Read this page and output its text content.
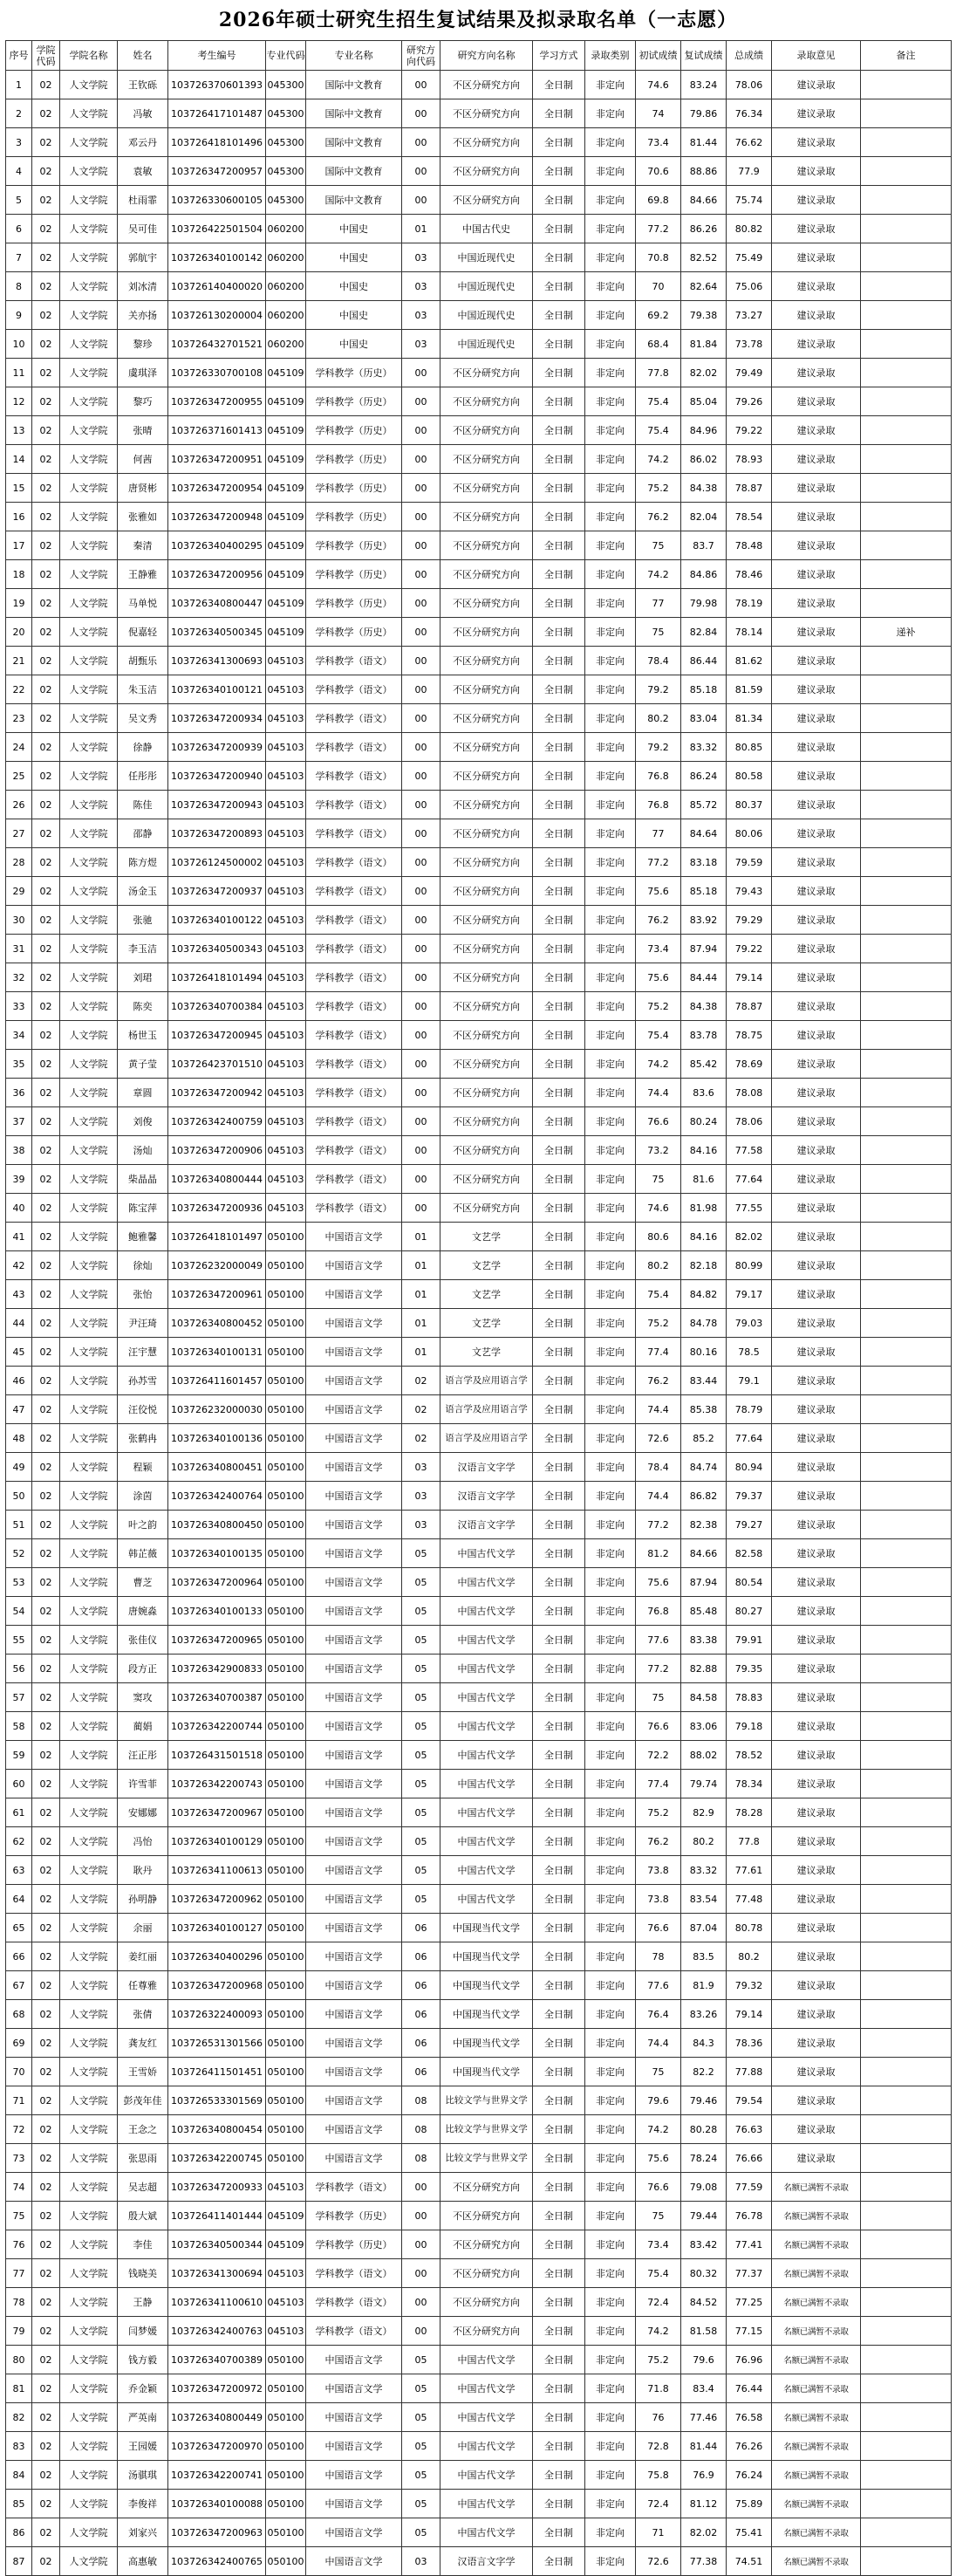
2026年硕士研究生招生复试结果及拟录取名单（一志愿）
序号	学院代码	学院名称	姓名	考生编号	专业代码	专业名称	研究方向代码	研究方向名称	学习方式	录取类别	初试成绩	复试成绩	总成绩	录取意见	备注
1	02	人文学院	王钦砾	103726370601393	045300	国际中文教育	00	不区分研究方向	全日制	非定向	74.6	83.24	78.06	建议录取	
2	02	人文学院	冯敏	103726417101487	045300	国际中文教育	00	不区分研究方向	全日制	非定向	74	79.86	76.34	建议录取	
3	02	人文学院	邓云丹	103726418101496	045300	国际中文教育	00	不区分研究方向	全日制	非定向	73.4	81.44	76.62	建议录取	
4	02	人文学院	袁敏	103726347200957	045300	国际中文教育	00	不区分研究方向	全日制	非定向	70.6	88.86	77.9	建议录取	
5	02	人文学院	杜雨霏	103726330600105	045300	国际中文教育	00	不区分研究方向	全日制	非定向	69.8	84.66	75.74	建议录取	
6	02	人文学院	吴可佳	103726422501504	060200	中国史	01	中国古代史	全日制	非定向	77.2	86.26	80.82	建议录取	
7	02	人文学院	郭航宇	103726340100142	060200	中国史	03	中国近现代史	全日制	非定向	70.8	82.52	75.49	建议录取	
8	02	人文学院	刘冰清	103726140400020	060200	中国史	03	中国近现代史	全日制	非定向	70	82.64	75.06	建议录取	
9	02	人文学院	关亦扬	103726130200004	060200	中国史	03	中国近现代史	全日制	非定向	69.2	79.38	73.27	建议录取	
10	02	人文学院	黎珍	103726432701521	060200	中国史	03	中国近现代史	全日制	非定向	68.4	81.84	73.78	建议录取	
11	02	人文学院	虞琪泽	103726330700108	045109	学科教学（历史）	00	不区分研究方向	全日制	非定向	77.8	82.02	79.49	建议录取	
12	02	人文学院	黎巧	103726347200955	045109	学科教学（历史）	00	不区分研究方向	全日制	非定向	75.4	85.04	79.26	建议录取	
13	02	人文学院	张晴	103726371601413	045109	学科教学（历史）	00	不区分研究方向	全日制	非定向	75.4	84.96	79.22	建议录取	
14	02	人文学院	何茜	103726347200951	045109	学科教学（历史）	00	不区分研究方向	全日制	非定向	74.2	86.02	78.93	建议录取	
15	02	人文学院	唐贤彬	103726347200954	045109	学科教学（历史）	00	不区分研究方向	全日制	非定向	75.2	84.38	78.87	建议录取	
16	02	人文学院	张雅如	103726347200948	045109	学科教学（历史）	00	不区分研究方向	全日制	非定向	76.2	82.04	78.54	建议录取	
17	02	人文学院	秦清	103726340400295	045109	学科教学（历史）	00	不区分研究方向	全日制	非定向	75	83.7	78.48	建议录取	
18	02	人文学院	王静雅	103726347200956	045109	学科教学（历史）	00	不区分研究方向	全日制	非定向	74.2	84.86	78.46	建议录取	
19	02	人文学院	马单悦	103726340800447	045109	学科教学（历史）	00	不区分研究方向	全日制	非定向	77	79.98	78.19	建议录取	
20	02	人文学院	倪嘉轻	103726340500345	045109	学科教学（历史）	00	不区分研究方向	全日制	非定向	75	82.84	78.14	建议录取	递补
21	02	人文学院	胡甄乐	103726341300693	045103	学科教学（语文）	00	不区分研究方向	全日制	非定向	78.4	86.44	81.62	建议录取	
22	02	人文学院	朱玉洁	103726340100121	045103	学科教学（语文）	00	不区分研究方向	全日制	非定向	79.2	85.18	81.59	建议录取	
23	02	人文学院	吴文秀	103726347200934	045103	学科教学（语文）	00	不区分研究方向	全日制	非定向	80.2	83.04	81.34	建议录取	
24	02	人文学院	徐静	103726347200939	045103	学科教学（语文）	00	不区分研究方向	全日制	非定向	79.2	83.32	80.85	建议录取	
25	02	人文学院	任彤彤	103726347200940	045103	学科教学（语文）	00	不区分研究方向	全日制	非定向	76.8	86.24	80.58	建议录取	
26	02	人文学院	陈佳	103726347200943	045103	学科教学（语文）	00	不区分研究方向	全日制	非定向	76.8	85.72	80.37	建议录取	
27	02	人文学院	邵静	103726347200893	045103	学科教学（语文）	00	不区分研究方向	全日制	非定向	77	84.64	80.06	建议录取	
28	02	人文学院	陈方煜	103726124500002	045103	学科教学（语文）	00	不区分研究方向	全日制	非定向	77.2	83.18	79.59	建议录取	
29	02	人文学院	汤金玉	103726347200937	045103	学科教学（语文）	00	不区分研究方向	全日制	非定向	75.6	85.18	79.43	建议录取	
30	02	人文学院	张驰	103726340100122	045103	学科教学（语文）	00	不区分研究方向	全日制	非定向	76.2	83.92	79.29	建议录取	
31	02	人文学院	李玉洁	103726340500343	045103	学科教学（语文）	00	不区分研究方向	全日制	非定向	73.4	87.94	79.22	建议录取	
32	02	人文学院	刘珺	103726418101494	045103	学科教学（语文）	00	不区分研究方向	全日制	非定向	75.6	84.44	79.14	建议录取	
33	02	人文学院	陈奕	103726340700384	045103	学科教学（语文）	00	不区分研究方向	全日制	非定向	75.2	84.38	78.87	建议录取	
34	02	人文学院	杨世玉	103726347200945	045103	学科教学（语文）	00	不区分研究方向	全日制	非定向	75.4	83.78	78.75	建议录取	
35	02	人文学院	黄子莹	103726423701510	045103	学科教学（语文）	00	不区分研究方向	全日制	非定向	74.2	85.42	78.69	建议录取	
36	02	人文学院	章圆	103726347200942	045103	学科教学（语文）	00	不区分研究方向	全日制	非定向	74.4	83.6	78.08	建议录取	
37	02	人文学院	刘俊	103726342400759	045103	学科教学（语文）	00	不区分研究方向	全日制	非定向	76.6	80.24	78.06	建议录取	
38	02	人文学院	汤灿	103726347200906	045103	学科教学（语文）	00	不区分研究方向	全日制	非定向	73.2	84.16	77.58	建议录取	
39	02	人文学院	柴晶晶	103726340800444	045103	学科教学（语文）	00	不区分研究方向	全日制	非定向	75	81.6	77.64	建议录取	
40	02	人文学院	陈宝萍	103726347200936	045103	学科教学（语文）	00	不区分研究方向	全日制	非定向	74.6	81.98	77.55	建议录取	
41	02	人文学院	鲍雅馨	103726418101497	050100	中国语言文学	01	文艺学	全日制	非定向	80.6	84.16	82.02	建议录取	
42	02	人文学院	徐灿	103726232000049	050100	中国语言文学	01	文艺学	全日制	非定向	80.2	82.18	80.99	建议录取	
43	02	人文学院	张怡	103726347200961	050100	中国语言文学	01	文艺学	全日制	非定向	75.4	84.82	79.17	建议录取	
44	02	人文学院	尹汪琦	103726340800452	050100	中国语言文学	01	文艺学	全日制	非定向	75.2	84.78	79.03	建议录取	
45	02	人文学院	汪宇慧	103726340100131	050100	中国语言文学	01	文艺学	全日制	非定向	77.4	80.16	78.5	建议录取	
46	02	人文学院	孙苏雪	103726411601457	050100	中国语言文学	02	语言学及应用语言学	全日制	非定向	76.2	83.44	79.1	建议录取	
47	02	人文学院	汪佼悦	103726232000030	050100	中国语言文学	02	语言学及应用语言学	全日制	非定向	74.4	85.38	78.79	建议录取	
48	02	人文学院	张鹤冉	103726340100136	050100	中国语言文学	02	语言学及应用语言学	全日制	非定向	72.6	85.2	77.64	建议录取	
49	02	人文学院	程颖	103726340800451	050100	中国语言文学	03	汉语言文字学	全日制	非定向	78.4	84.74	80.94	建议录取	
50	02	人文学院	涂茵	103726342400764	050100	中国语言文学	03	汉语言文字学	全日制	非定向	74.4	86.82	79.37	建议录取	
51	02	人文学院	叶之韵	103726340800450	050100	中国语言文学	03	汉语言文字学	全日制	非定向	77.2	82.38	79.27	建议录取	
52	02	人文学院	韩芷薇	103726340100135	050100	中国语言文学	05	中国古代文学	全日制	非定向	81.2	84.66	82.58	建议录取	
53	02	人文学院	曹芝	103726347200964	050100	中国语言文学	05	中国古代文学	全日制	非定向	75.6	87.94	80.54	建议录取	
54	02	人文学院	唐婉淼	103726340100133	050100	中国语言文学	05	中国古代文学	全日制	非定向	76.8	85.48	80.27	建议录取	
55	02	人文学院	张佳仪	103726347200965	050100	中国语言文学	05	中国古代文学	全日制	非定向	77.6	83.38	79.91	建议录取	
56	02	人文学院	段方正	103726342900833	050100	中国语言文学	05	中国古代文学	全日制	非定向	77.2	82.88	79.35	建议录取	
57	02	人文学院	窦攻	103726340700387	050100	中国语言文学	05	中国古代文学	全日制	非定向	75	84.58	78.83	建议录取	
58	02	人文学院	蔺娟	103726342200744	050100	中国语言文学	05	中国古代文学	全日制	非定向	76.6	83.06	79.18	建议录取	
59	02	人文学院	汪正彤	103726431501518	050100	中国语言文学	05	中国古代文学	全日制	非定向	72.2	88.02	78.52	建议录取	
60	02	人文学院	许雪菲	103726342200743	050100	中国语言文学	05	中国古代文学	全日制	非定向	77.4	79.74	78.34	建议录取	
61	02	人文学院	安娜娜	103726347200967	050100	中国语言文学	05	中国古代文学	全日制	非定向	75.2	82.9	78.28	建议录取	
62	02	人文学院	冯怡	103726340100129	050100	中国语言文学	05	中国古代文学	全日制	非定向	76.2	80.2	77.8	建议录取	
63	02	人文学院	耿丹	103726341100613	050100	中国语言文学	05	中国古代文学	全日制	非定向	73.8	83.32	77.61	建议录取	
64	02	人文学院	孙明静	103726347200962	050100	中国语言文学	05	中国古代文学	全日制	非定向	73.8	83.54	77.48	建议录取	
65	02	人文学院	余丽	103726340100127	050100	中国语言文学	06	中国现当代文学	全日制	非定向	76.6	87.04	80.78	建议录取	
66	02	人文学院	姜红丽	103726340400296	050100	中国语言文学	06	中国现当代文学	全日制	非定向	78	83.5	80.2	建议录取	
67	02	人文学院	任尊雅	103726347200968	050100	中国语言文学	06	中国现当代文学	全日制	非定向	77.6	81.9	79.32	建议录取	
68	02	人文学院	张倩	103726322400093	050100	中国语言文学	06	中国现当代文学	全日制	非定向	76.4	83.26	79.14	建议录取	
69	02	人文学院	龚友红	103726531301566	050100	中国语言文学	06	中国现当代文学	全日制	非定向	74.4	84.3	78.36	建议录取	
70	02	人文学院	王雪娇	103726411501451	050100	中国语言文学	06	中国现当代文学	全日制	非定向	75	82.2	77.88	建议录取	
71	02	人文学院	彭茂年佳	103726533301569	050100	中国语言文学	08	比较文学与世界文学	全日制	非定向	79.6	79.46	79.54	建议录取	
72	02	人文学院	王念之	103726340800454	050100	中国语言文学	08	比较文学与世界文学	全日制	非定向	74.2	80.28	76.63	建议录取	
73	02	人文学院	张思雨	103726342200745	050100	中国语言文学	08	比较文学与世界文学	全日制	非定向	75.6	78.24	76.66	建议录取	
74	02	人文学院	吴志超	103726347200933	045103	学科教学（语文）	00	不区分研究方向	全日制	非定向	76.6	79.08	77.59	名额已满暂不录取	
75	02	人文学院	殷大斌	103726411401444	045109	学科教学（历史）	00	不区分研究方向	全日制	非定向	75	79.44	76.78	名额已满暂不录取	
76	02	人文学院	李佳	103726340500344	045109	学科教学（历史）	00	不区分研究方向	全日制	非定向	73.4	83.42	77.41	名额已满暂不录取	
77	02	人文学院	钱晓美	103726341300694	045103	学科教学（语文）	00	不区分研究方向	全日制	非定向	75.4	80.32	77.37	名额已满暂不录取	
78	02	人文学院	王静	103726341100610	045103	学科教学（语文）	00	不区分研究方向	全日制	非定向	72.4	84.52	77.25	名额已满暂不录取	
79	02	人文学院	闫梦媛	103726342400763	045103	学科教学（语文）	00	不区分研究方向	全日制	非定向	74.2	81.58	77.15	名额已满暂不录取	
80	02	人文学院	钱方毅	103726340700389	050100	中国语言文学	05	中国古代文学	全日制	非定向	75.2	79.6	76.96	名额已满暂不录取	
81	02	人文学院	乔金颖	103726347200972	050100	中国语言文学	05	中国古代文学	全日制	非定向	71.8	83.4	76.44	名额已满暂不录取	
82	02	人文学院	严英南	103726340800449	050100	中国语言文学	05	中国古代文学	全日制	非定向	76	77.46	76.58	名额已满暂不录取	
83	02	人文学院	王园媛	103726347200970	050100	中国语言文学	05	中国古代文学	全日制	非定向	72.8	81.44	76.26	名额已满暂不录取	
84	02	人文学院	汤骐琪	103726342200741	050100	中国语言文学	05	中国古代文学	全日制	非定向	75.8	76.9	76.24	名额已满暂不录取	
85	02	人文学院	李俊祥	103726340100088	050100	中国语言文学	05	中国古代文学	全日制	非定向	72.4	81.12	75.89	名额已满暂不录取	
86	02	人文学院	刘家兴	103726347200963	050100	中国语言文学	05	中国古代文学	全日制	非定向	71	82.02	75.41	名额已满暂不录取	
87	02	人文学院	高惠敏	103726342400765	050100	中国语言文学	03	汉语言文字学	全日制	非定向	72.6	77.38	74.51	名额已满暂不录取	
